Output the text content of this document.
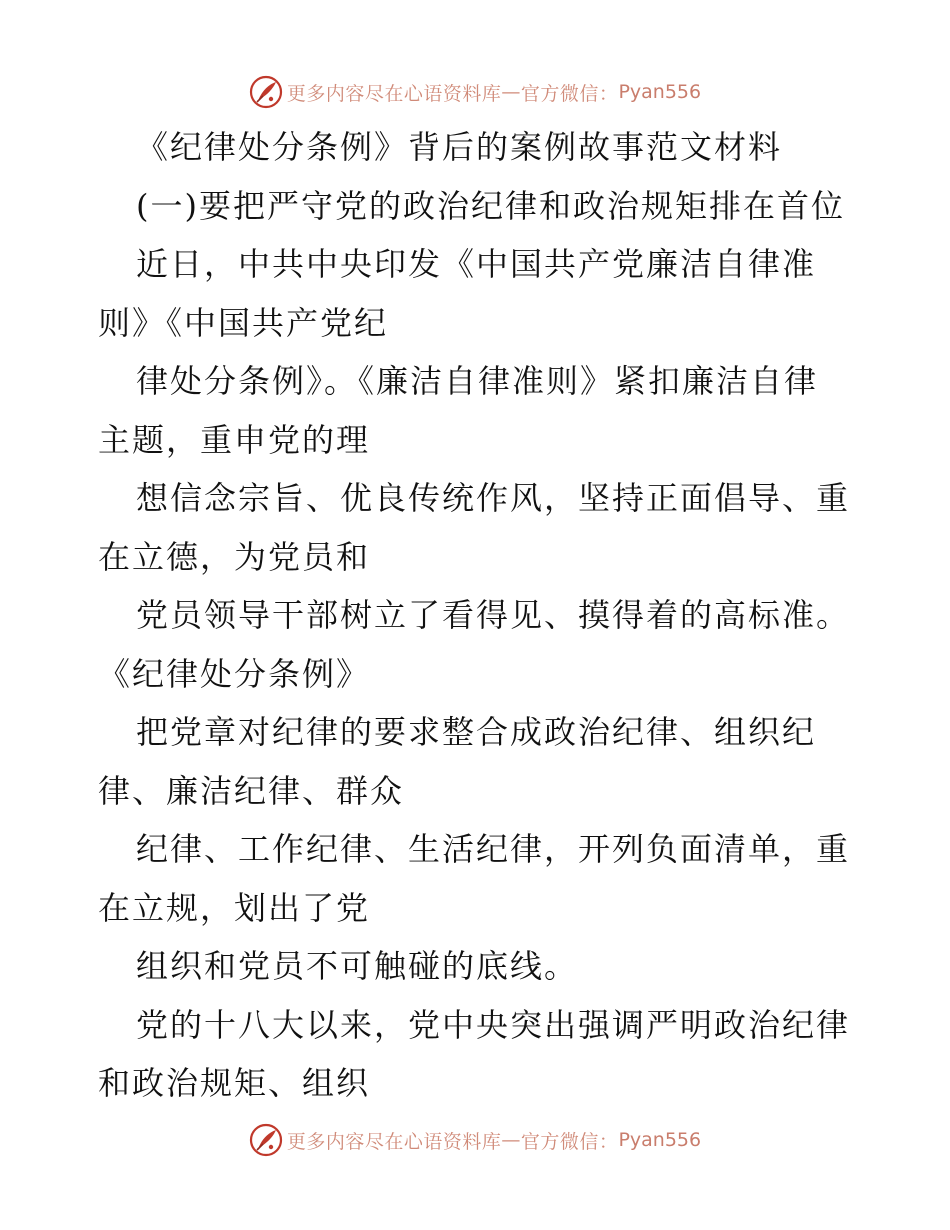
更多内容尽在心语资料库 — 官方微信： Pyan556
《纪律处分条例》背后的案例故事范文材料
(一)要把严守党的政治纪律和政治规矩排在首位
近日，中共中央印发《中国共产党廉洁自律准
则》《中国共产党纪
律处分条例》。《廉洁自律准则》紧扣廉洁自律
主题，重申党的理
想信念宗旨、优良传统作风，坚持正面倡导、重
在立德，为党员和
党员领导干部树立了看得见、摸得着的高标准。
《纪律处分条例》
把党章对纪律的要求整合成政治纪律、组织纪
律、廉洁纪律、群众
纪律、工作纪律、生活纪律，开列负面清单，重
在立规，划出了党
组织和党员不可触碰的底线。
党的十八大以来，党中央突出强调严明政治纪律
和政治规矩、组织
更多内容尽在心语资料库 — 官方微信： Pyan556
